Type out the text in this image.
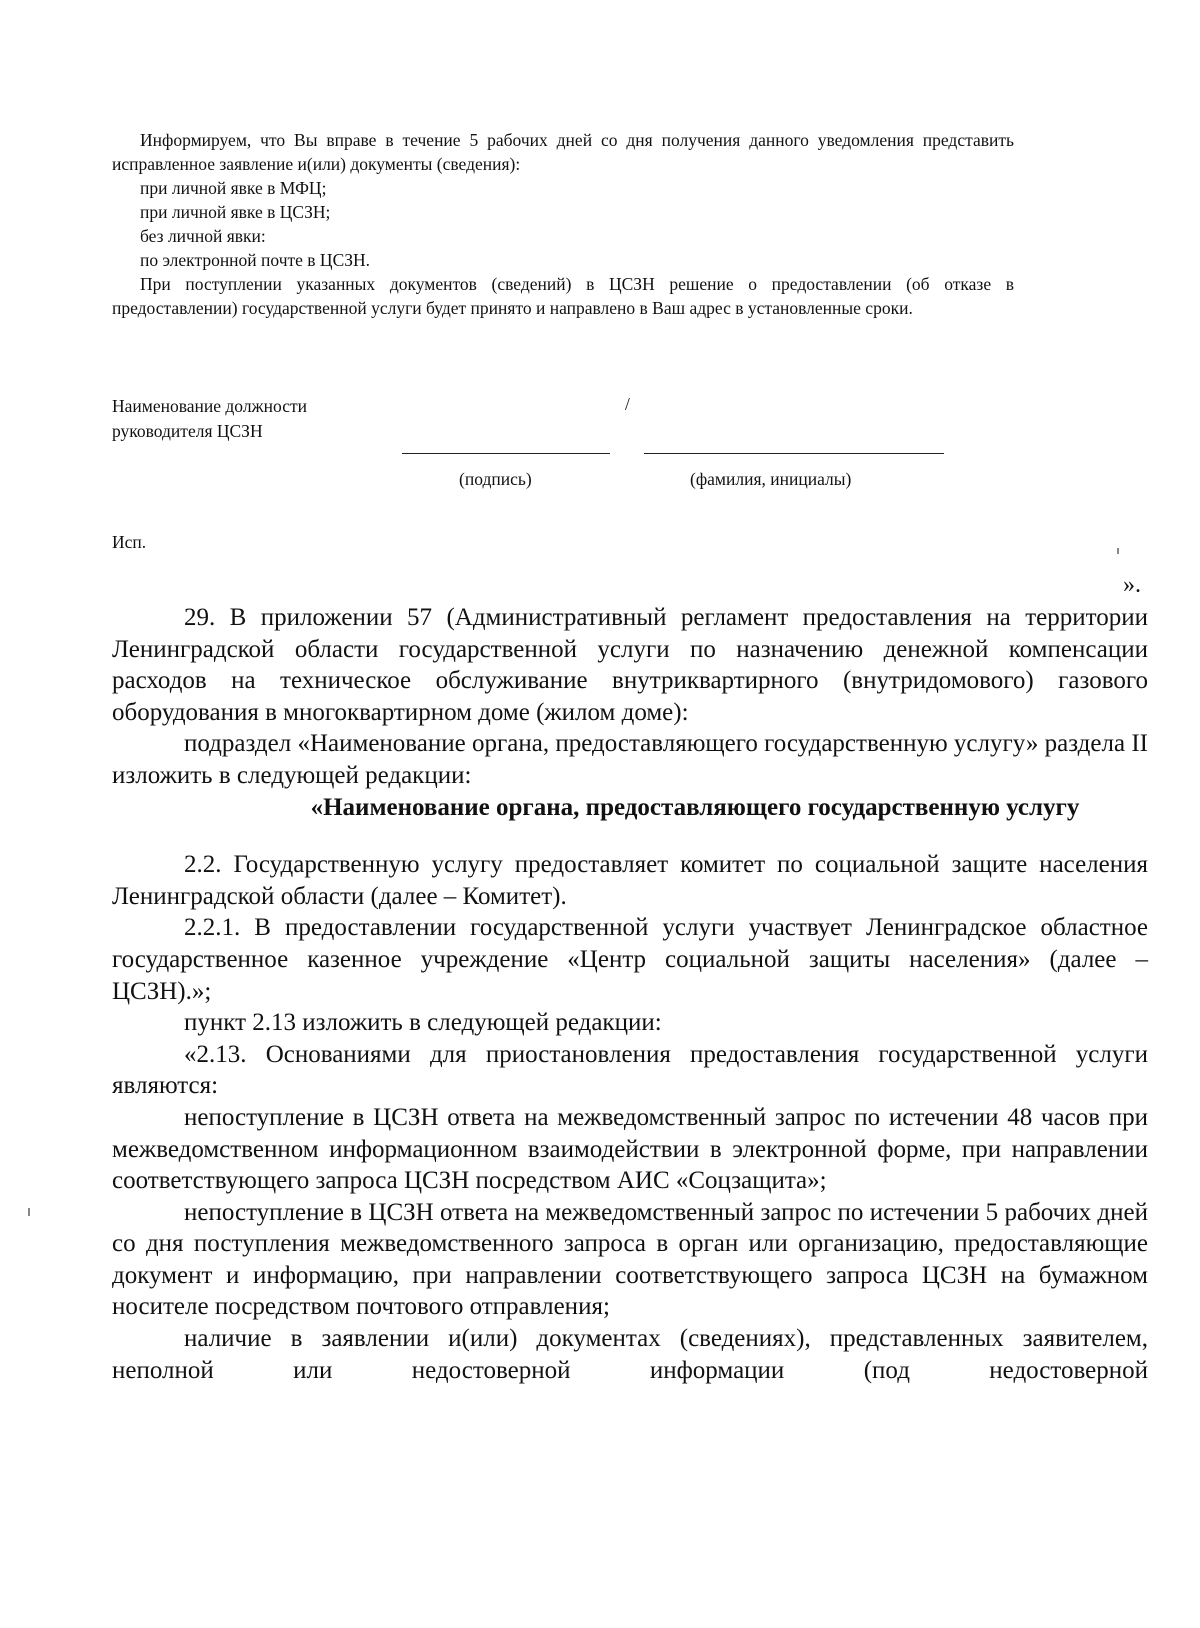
Информируем, что Вы вправе в течение 5 рабочих дней со дня получения данного уведомления представить исправленное заявление и(или) документы (сведения):

при личной явке в МФЦ;

при личной явке в ЦСЗН;

без личной явки:

по электронной почте в ЦСЗН.

При поступлении указанных документов (сведений) в ЦСЗН решение о предоставлении (об отказе в предоставлении) государственной услуги будет принято и направлено в Ваш адрес в установленные сроки.

Наименование должности
руководителя ЦСЗН
/
(подпись)	(фамилия, инициалы)
Исп.
».

29. В приложении 57 (Административный регламент предоставления на территории Ленинградской области государственной услуги по назначению денежной компенсации расходов на техническое обслуживание внутриквартирного (внутридомового) газового оборудования в многоквартирном доме (жилом доме):

подраздел «Наименование органа, предоставляющего государственную услугу» раздела II изложить в следующей редакции:

«Наименование органа, предоставляющего государственную услугу

2.2. Государственную услугу предоставляет комитет по социальной защите населения Ленинградской области (далее – Комитет).

2.2.1. В предоставлении государственной услуги участвует Ленинградское областное государственное казенное учреждение «Центр социальной защиты населения» (далее – ЦСЗН).»;

пункт 2.13 изложить в следующей редакции:

«2.13. Основаниями для приостановления предоставления государственной услуги являются:

непоступление в ЦСЗН ответа на межведомственный запрос по истечении 48 часов при межведомственном информационном взаимодействии в электронной форме, при направлении соответствующего запроса ЦСЗН посредством АИС «Соцзащита»;

непоступление в ЦСЗН ответа на межведомственный запрос по истечении 5 рабочих дней со дня поступления межведомственного запроса в орган или организацию, предоставляющие документ и информацию, при направлении соответствующего запроса ЦСЗН на бумажном носителе посредством почтового отправления;

наличие в заявлении и(или) документах (сведениях), представленных заявителем, неполной или недостоверной информации (под недостоверной
